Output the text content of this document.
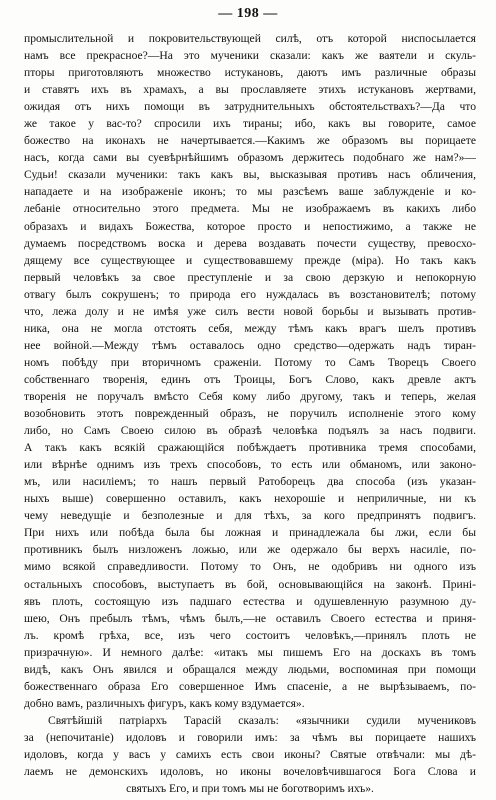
— 198 —
промыслительной и покровительствующей силѣ, отъ которой ниспосылается
намъ все прекрасное?—На это мученики сказали: какъ же ваятели и скуль-
пторы приготовляютъ множество истукановъ, даютъ имъ различные образы
и ставятъ ихъ въ храмахъ, а вы прославляете этихъ истукановъ жертвами,
ожидая отъ нихъ помощи въ затруднительныхъ обстоятельствахъ?—Да что
же такое у вас-то? спросили ихъ тираны; ибо, какъ вы говорите, самое
божество на иконахъ не начертывается.—Какимъ же образомъ вы порицаете
насъ, когда сами вы суевѣрнѣйшимъ образомъ держитесь подобнаго же нам?»—
Судьи! сказали мученики: такъ какъ вы, высказывая противъ насъ обличения,
нападаете и на изображеніе иконъ; то мы разсѣемъ ваше заблужденіе и ко-
лебаніе относительно этого предмета. Мы не изображаемъ въ какихъ либо
образахъ и видахъ Божества, которое просто и непостижимо, а также не
думаемъ посредствомъ воска и дерева воздавать почести существу, превосхо-
дящему все существующее и существовавшему прежде (міра). Но такъ какъ
первый человѣкъ за свое преступленіе и за свою дерзкую и непокорную
отвагу былъ сокрушенъ; то природа его нуждалась въ возстановителѣ; потому
что, лежа долу и не имѣя уже силъ вести новой борьбы и вызывать против-
ника, она не могла отстоять себя, между тѣмъ какъ врагъ шелъ противъ
нее войной.—Между тѣмъ оставалось одно средство—одержать надъ тиран-
номъ побѣду при вторичномъ сраженіи. Потому то Самъ Творецъ Своего
собственнаго творенія, единъ отъ Троицы, Богъ Слово, какъ древле актъ
творенія не поручалъ вмѣсто Себя кому либо другому, такъ и теперь, желая
возобновить этотъ поврежденный образъ, не поручилъ исполненіе этого кому
либо, но Самъ Своею силою въ образѣ человѣка подъялъ за насъ подвиги.
А такъ какъ всякій сражающійся побѣждаетъ противника тремя способами,
или вѣрнѣе однимъ изъ трехъ способовъ, то есть или обманомъ, или законо-
мъ, или насиліемъ; то нашъ первый Ратоборецъ два способа (изъ указан-
ныхъ выше) совершенно оставилъ, какъ нехорошіе и неприличные, ни къ
чему неведущіе и безполезные и для тѣхъ, за кого предпринятъ подвигъ.
При нихъ или побѣда была бы ложная и принадлежала бы лжи, если бы
противникъ былъ низложенъ ложью, или же одержало бы верхъ насиліе, по-
мимо всякой справедливости. Потому то Онъ, не одобривъ ни одного изъ
остальныхъ способовъ, выступаетъ въ бой, основывающійся на законѣ. Прині-
явъ плоть, состоящую изъ падшаго естества и одушевленную разумною ду-
шею, Онъ пребылъ тѣмъ, чѣмъ былъ,—не оставилъ Своего естества и приня-
лъ. кромѣ грѣха, все, изъ чего состоитъ человѣкъ,—принялъ плоть не
призрачную». И немного далѣе: «итакъ мы пишемъ Его на доскахъ въ томъ
видѣ, какъ Онъ явился и обращался между людьми, воспоминая при помощи
божественнаго образа Его совершенное Имъ спасеніе, а не вырѣзываемъ, по-
добно вамъ, различныхъ фигуръ, какъ кому вздумается».
Святѣйшій патріархъ Тарасій сказалъ: «язычники судили мучениковъ
за (непочитаніе) идоловъ и говорили имъ: за чѣмъ вы порицаете нашихъ
идоловъ, когда у васъ у самихъ есть свои иконы? Святые отвѣчали: мы дѣ-
лаемъ не демонскихъ идоловъ, но иконы вочеловѣчившагося Бога Слова и
святыхъ Его, и при томъ мы не боготворимъ ихъ».
